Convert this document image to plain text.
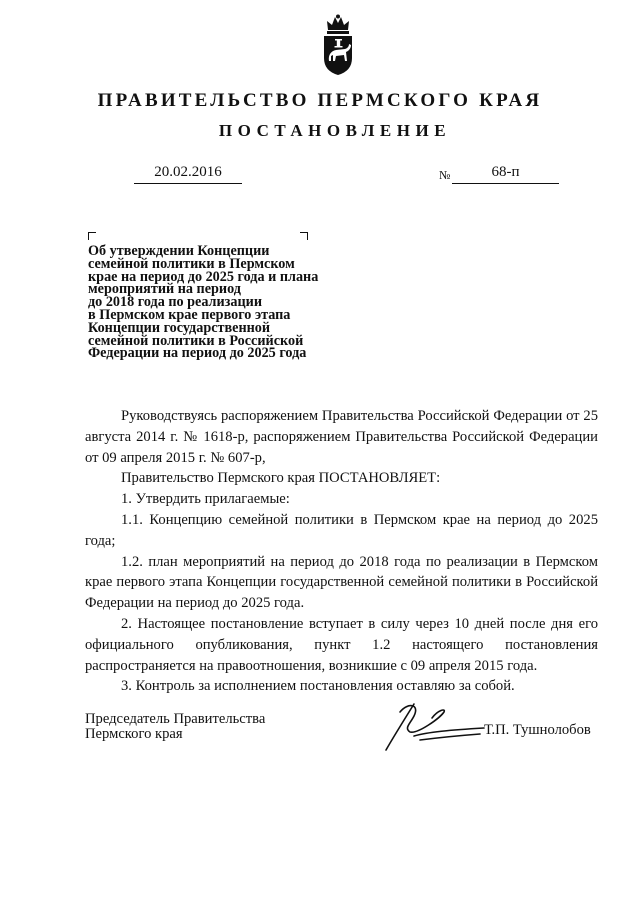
ПРАВИТЕЛЬСТВО ПЕРМСКОГО КРАЯ
ПОСТАНОВЛЕНИЕ
20.02.2016	№	68-п
Об утверждении Концепции
семейной политики в Пермском
крае на период до 2025 года и плана
мероприятий на период
до 2018 года по реализации
в Пермском крае первого этапа
Концепции государственной
семейной политики в Российской
Федерации на период до 2025 года

Руководствуясь распоряжением Правительства Российской Федерации от 25 августа 2014 г. № 1618-р, распоряжением Правительства Российской Федерации от 09 апреля 2015 г. № 607-р,

Правительство Пермского края ПОСТАНОВЛЯЕТ:

1. Утвердить прилагаемые:

1.1. Концепцию семейной политики в Пермском крае на период до 2025 года;

1.2. план мероприятий на период до 2018 года по реализации в Пермском крае первого этапа Концепции государственной семейной политики в Российской Федерации на период до 2025 года.

2. Настоящее постановление вступает в силу через 10 дней после дня его официального опубликования, пункт 1.2 настоящего постановления распространяется на правоотношения, возникшие с 09 апреля 2015 года.

3. Контроль за исполнением постановления оставляю за собой.

Председатель Правительства
Пермского края	Т.П. Тушнолобов
